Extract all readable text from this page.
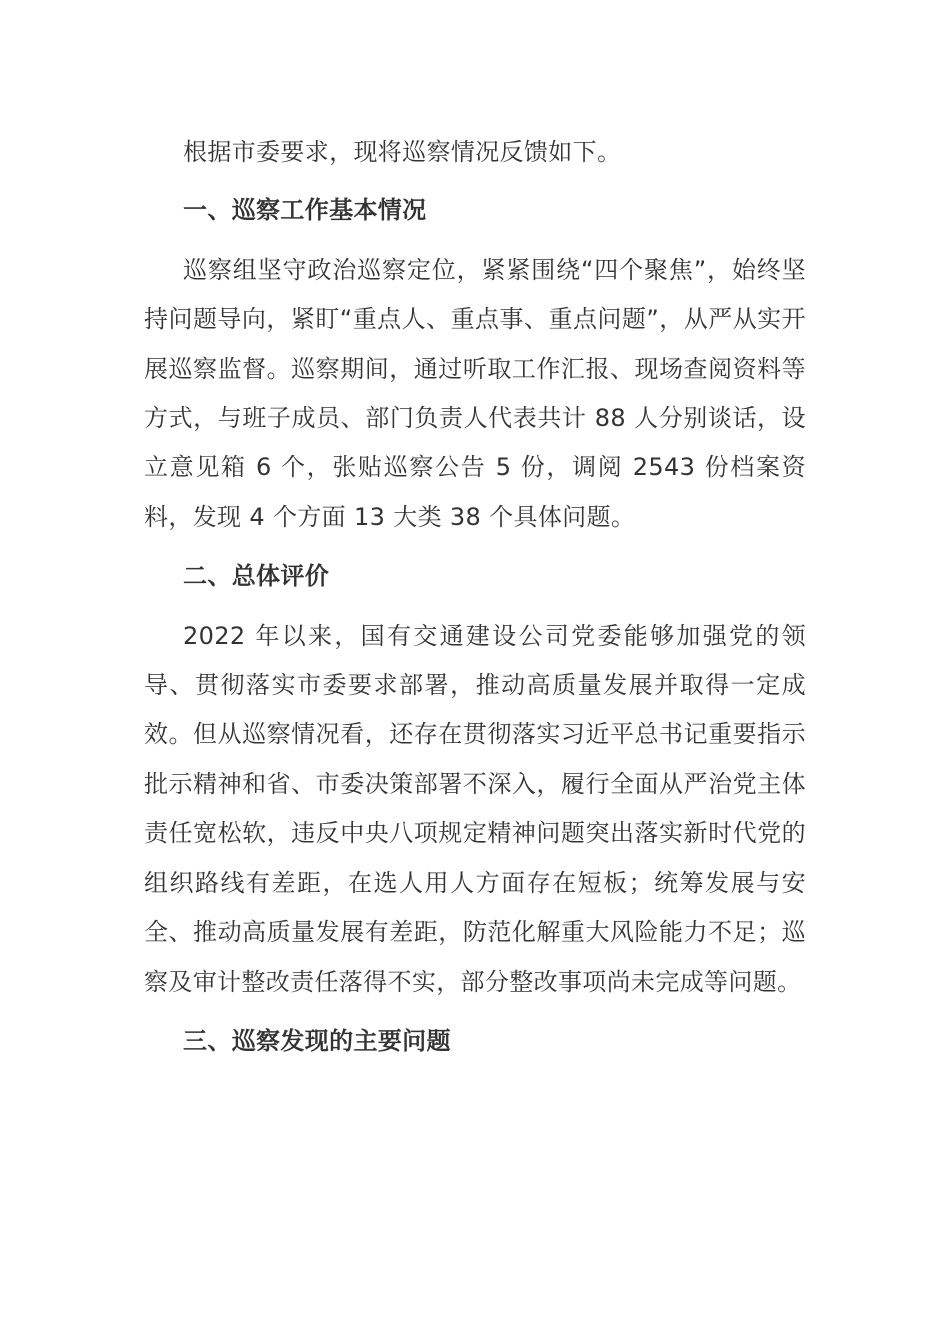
根据市委要求，现将巡察情况反馈如下。

一、巡察工作基本情况

巡察组坚守政治巡察定位，紧紧围绕“四个聚焦”，始终坚持问题导向，紧盯“重点人、重点事、重点问题”，从严从实开展巡察监督。巡察期间，通过听取工作汇报、现场查阅资料等方式，与班子成员、部门负责人代表共计 88 人分别谈话，设立意见箱 6 个，张贴巡察公告 5 份，调阅 2543 份档案资料，发现 4 个方面 13 大类 38 个具体问题。

二、总体评价

2022 年以来，国有交通建设公司党委能够加强党的领导、贯彻落实市委要求部署，推动高质量发展并取得一定成效。但从巡察情况看，还存在贯彻落实习近平总书记重要指示批示精神和省、市委决策部署不深入，履行全面从严治党主体责任宽松软，违反中央八项规定精神问题突出落实新时代党的组织路线有差距，在选人用人方面存在短板；统筹发展与安全、推动高质量发展有差距，防范化解重大风险能力不足；巡察及审计整改责任落得不实，部分整改事项尚未完成等问题。

三、巡察发现的主要问题
